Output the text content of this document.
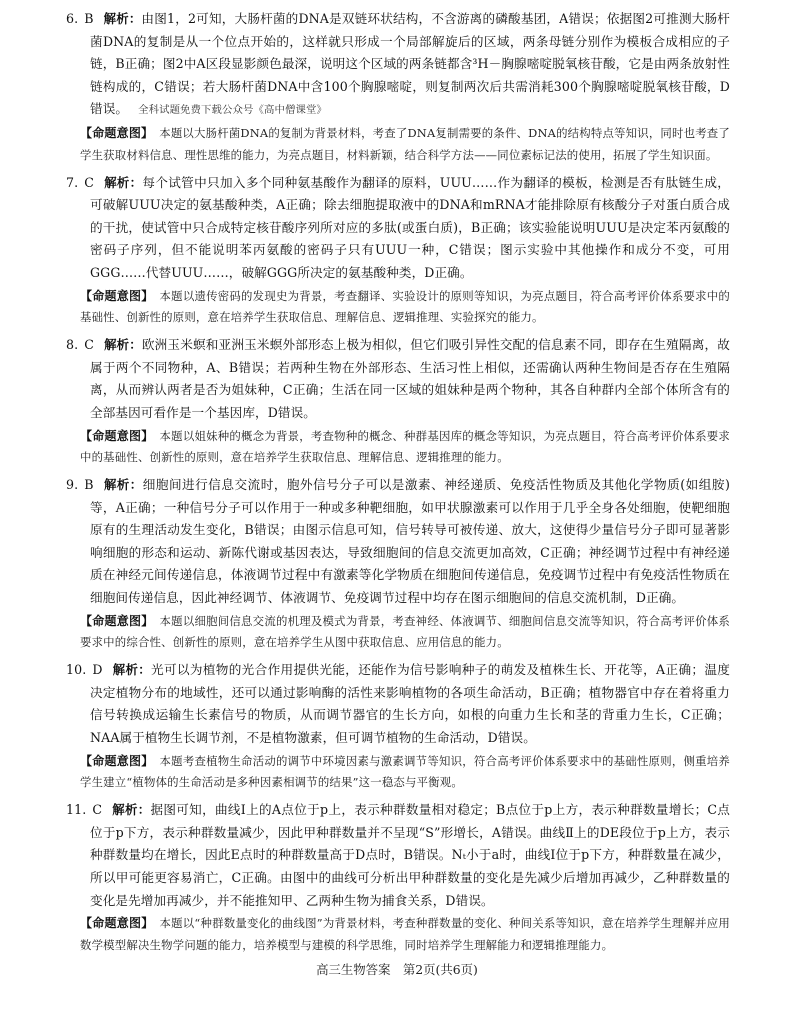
6. B 解析：由图1，2可知，大肠杆菌的DNA是双链环状结构，不含游离的磷酸基团，A错误；依据图2可推测大肠杆菌DNA的复制是从一个位点开始的，这样就只形成一个局部解旋后的区域，两条母链分别作为模板合成相应的子链，B正确；图2中A区段显影颜色最深，说明这个区域的两条链都含³H－胸腺嘧啶脱氧核苷酸，它是由两条放射性链构成的，C错误；若大肠杆菌DNA中含100个胸腺嘧啶，则复制两次后共需消耗300个胸腺嘧啶脱氧核苷酸，D错误。 全科试题免费下载公众号《高中僧课堂》

【命题意图】 本题以大肠杆菌DNA的复制为背景材料，考查了DNA复制需要的条件、DNA的结构特点等知识，同时也考查了学生获取材料信息、理性思维的能力，为亮点题目，材料新颖，结合科学方法——同位素标记法的使用，拓展了学生知识面。

7. C 解析：每个试管中只加入多个同种氨基酸作为翻译的原料，UUU……作为翻译的模板，检测是否有肽链生成，可破解UUU决定的氨基酸种类，A正确；除去细胞提取液中的DNA和mRNA才能排除原有核酸分子对蛋白质合成的干扰，使试管中只合成特定核苷酸序列所对应的多肽(或蛋白质)，B正确；该实验能说明UUU是决定苯丙氨酸的密码子序列，但不能说明苯丙氨酸的密码子只有UUU一种，C错误；图示实验中其他操作和成分不变，可用GGG……代替UUU……，破解GGG所决定的氨基酸种类，D正确。

【命题意图】 本题以遗传密码的发现史为背景，考查翻译、实验设计的原则等知识，为亮点题目，符合高考评价体系要求中的基础性、创新性的原则，意在培养学生获取信息、理解信息、逻辑推理、实验探究的能力。

8. C 解析：欧洲玉米螟和亚洲玉米螟外部形态上极为相似，但它们吸引异性交配的信息素不同，即存在生殖隔离，故属于两个不同物种，A、B错误；若两种生物在外部形态、生活习性上相似，还需确认两种生物间是否存在生殖隔离，从而辨认两者是否为姐妹种，C正确；生活在同一区域的姐妹种是两个物种，其各自种群内全部个体所含有的全部基因可看作是一个基因库，D错误。

【命题意图】 本题以姐妹种的概念为背景，考查物种的概念、种群基因库的概念等知识，为亮点题目，符合高考评价体系要求中的基础性、创新性的原则，意在培养学生获取信息、理解信息、逻辑推理的能力。

9. B 解析：细胞间进行信息交流时，胞外信号分子可以是激素、神经递质、免疫活性物质及其他化学物质(如组胺)等，A正确；一种信号分子可以作用于一种或多种靶细胞，如甲状腺激素可以作用于几乎全身各处细胞，使靶细胞原有的生理活动发生变化，B错误；由图示信息可知，信号转导可被传递、放大，这使得少量信号分子即可显著影响细胞的形态和运动、新陈代谢或基因表达，导致细胞间的信息交流更加高效，C正确；神经调节过程中有神经递质在神经元间传递信息，体液调节过程中有激素等化学物质在细胞间传递信息，免疫调节过程中有免疫活性物质在细胞间传递信息，因此神经调节、体液调节、免疫调节过程中均存在图示细胞间的信息交流机制，D正确。

【命题意图】 本题以细胞间信息交流的机理及模式为背景，考查神经、体液调节、细胞间信息交流等知识，符合高考评价体系要求中的综合性、创新性的原则，意在培养学生从图中获取信息、应用信息的能力。

10. D 解析：光可以为植物的光合作用提供光能，还能作为信号影响种子的萌发及植株生长、开花等，A正确；温度决定植物分布的地域性，还可以通过影响酶的活性来影响植物的各项生命活动，B正确；植物器官中存在着将重力信号转换成运输生长素信号的物质，从而调节器官的生长方向，如根的向重力生长和茎的背重力生长，C正确；NAA属于植物生长调节剂，不是植物激素，但可调节植物的生命活动，D错误。

【命题意图】 本题考查植物生命活动的调节中环境因素与激素调节等知识，符合高考评价体系要求中的基础性原则，侧重培养学生建立“植物体的生命活动是多种因素相调节的结果”这一稳态与平衡观。

11. C 解析：据图可知，曲线Ⅰ上的A点位于p上，表示种群数量相对稳定；B点位于p上方，表示种群数量增长；C点位于p下方，表示种群数量减少，因此甲种群数量并不呈现“S”形增长，A错误。曲线Ⅱ上的DE段位于p上方，表示种群数量均在增长，因此E点时的种群数量高于D点时，B错误。Nₜ小于a时，曲线Ⅰ位于p下方，种群数量在减少，所以甲可能更容易消亡，C正确。由图中的曲线可分析出甲种群数量的变化是先减少后增加再减少，乙种群数量的变化是先增加再减少，并不能推知甲、乙两种生物为捕食关系，D错误。

【命题意图】 本题以“种群数量变化的曲线图”为背景材料，考查种群数量的变化、种间关系等知识，意在培养学生理解并应用数学模型解决生物学问题的能力，培养模型与建模的科学思维，同时培养学生理解能力和逻辑推理能力。

高三生物答案　第2页(共6页)
